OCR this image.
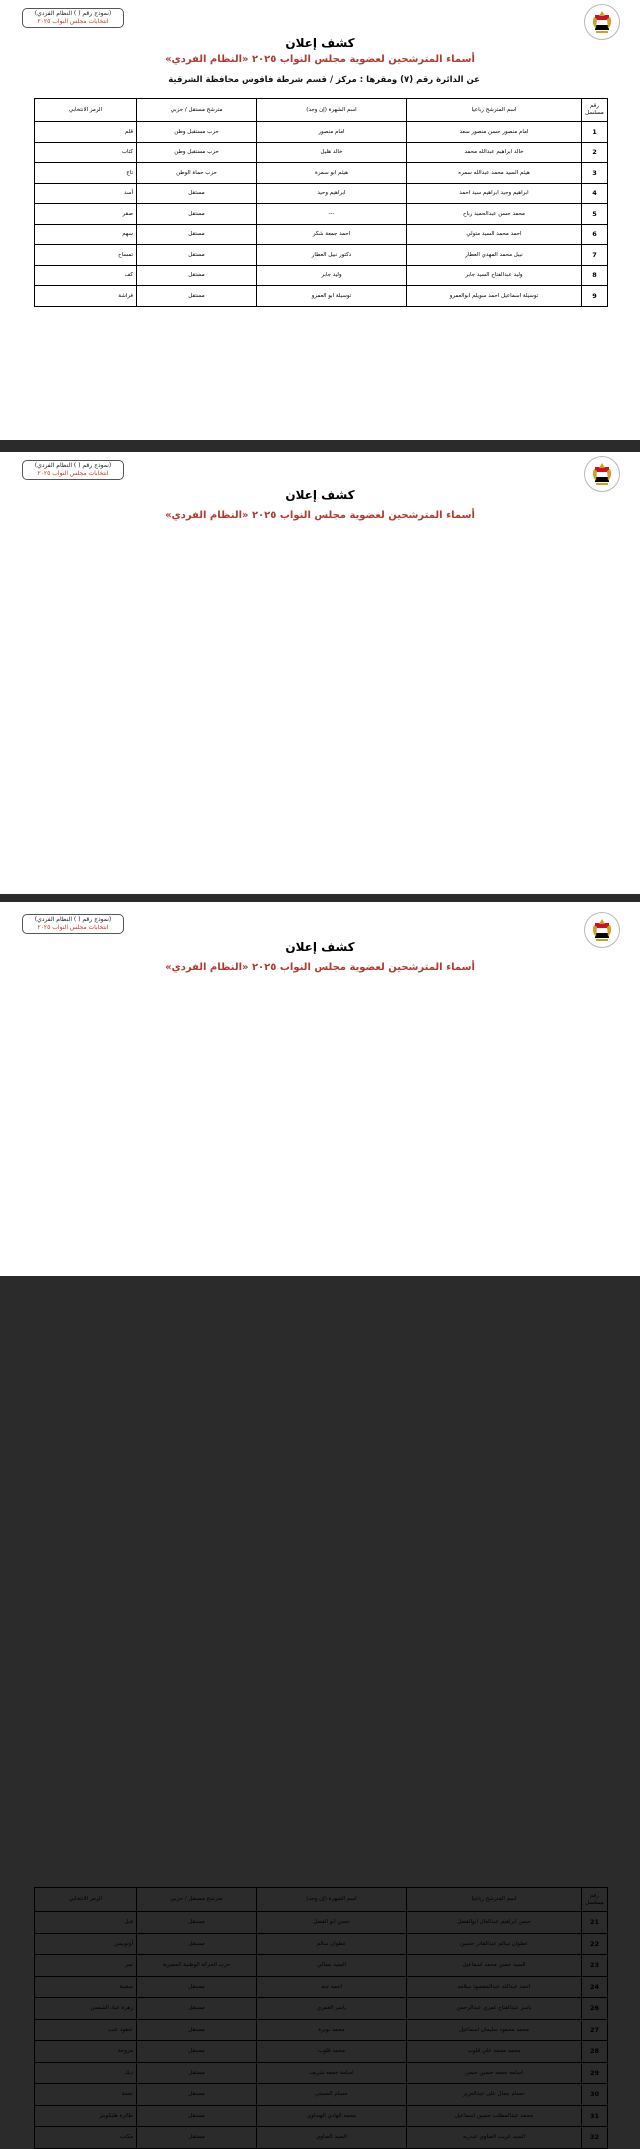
(نموذج رقم ( ) النظام الفردي)
انتخابات مجلس النواب ٢٠٢٥
كشف إعلان
أسماء المترشحين لعضوية مجلس النواب ٢٠٢٥ «النظام الفردي»
عن الدائرة رقم (٧) ومقرها : مركز / قسم شرطة فاقوس محافظة الشرقية
رقم مسلسل	اسم المترشح رباعيا	اسم الشهرة (إن وجد)	مترشح مستقل / حزبي	الرمز الانتخابي
1	امام منصور حسن منصور سعد	امام منصور	حزب مستقبل وطن	قلم
2	خالد ابراهيم عبدالله محمد	خالد هليل	حزب مستقبل وطن	كتاب
3	هيثم السيد محمد عبدالله سمره	هيثم ابو سمرة	حزب حماة الوطن	تاج
4	ابراهيم وحيد ابراهيم سيد احمد	ابراهيم وحيد	مستقل	أسد
5	محمد حسن عبدالحميد رباح	---	مستقل	صقر
6	احمد محمد السيد متولي	احمد جمعة شكر	مستقل	سهم
7	نبيل محمد المهدي العطار	دكتور نبيل العطار	مستقل	تمساح
8	وليد عبدالفتاح السيد جابر	وليد جابر	مستقل	كف
9	توسيلة اسماعيل احمد سويلم ابوالعمرو	توسيلة ابو العمرو	مستقل	فراشة
(نموذج رقم ( ) النظام الفردي)
انتخابات مجلس النواب ٢٠٢٥
كشف إعلان
أسماء المترشحين لعضوية مجلس النواب ٢٠٢٥ «النظام الفردي»

(نموذج رقم ( ) النظام الفردي)
انتخابات مجلس النواب ٢٠٢٥
كشف إعلان
أسماء المترشحين لعضوية مجلس النواب ٢٠٢٥ «النظام الفردي»
رقم مسلسل	اسم المترشح رباعيا	اسم الشهرة (إن وجد)	مترشح مستقل / حزبي	الرمز الانتخابي
21	حسن ابراهيم عبدالعال ابوالفضل	حسن ابو الفضل	مستقل	فيل
22	عطوان سالم عبدالقادر حسين	عطوان سالم	مستقل	أوتوبيس
23	السيد حسن محمد اسماعيل	السيد نسالي	حزب الحركة الوطنية المصرية	نمر
24	احمد عبدالله عبدالمقصود سلامه	احمد جنه	مستقل	سفينة
26	ياسر عبدالفتاح غمري عبدالرحمن	ياسر الغمري	مستقل	زهرة عباد الشمس
27	محمد محمود سليمان اسماعيل	محمد نويرة	مستقل	عنقود عنب
28	محمد محمد علي قلوب	محمد قلوب	مستقل	مروحة
29	اسامه جمعه حسين حسن	اسامة جمعه شريف	مستقل	ديك
30	حسام جمال علي عبدالعزيز	حسام المستي	مستقل	نجمة
31	محمد عبدالمطلب حسين اسماعيل	محمد الهادي الهنداوي	مستقل	طائرة هليكوبتر
32	السيد غريب الصاوي عبدربه	السيد الصاوي	مستقل	مكتب
